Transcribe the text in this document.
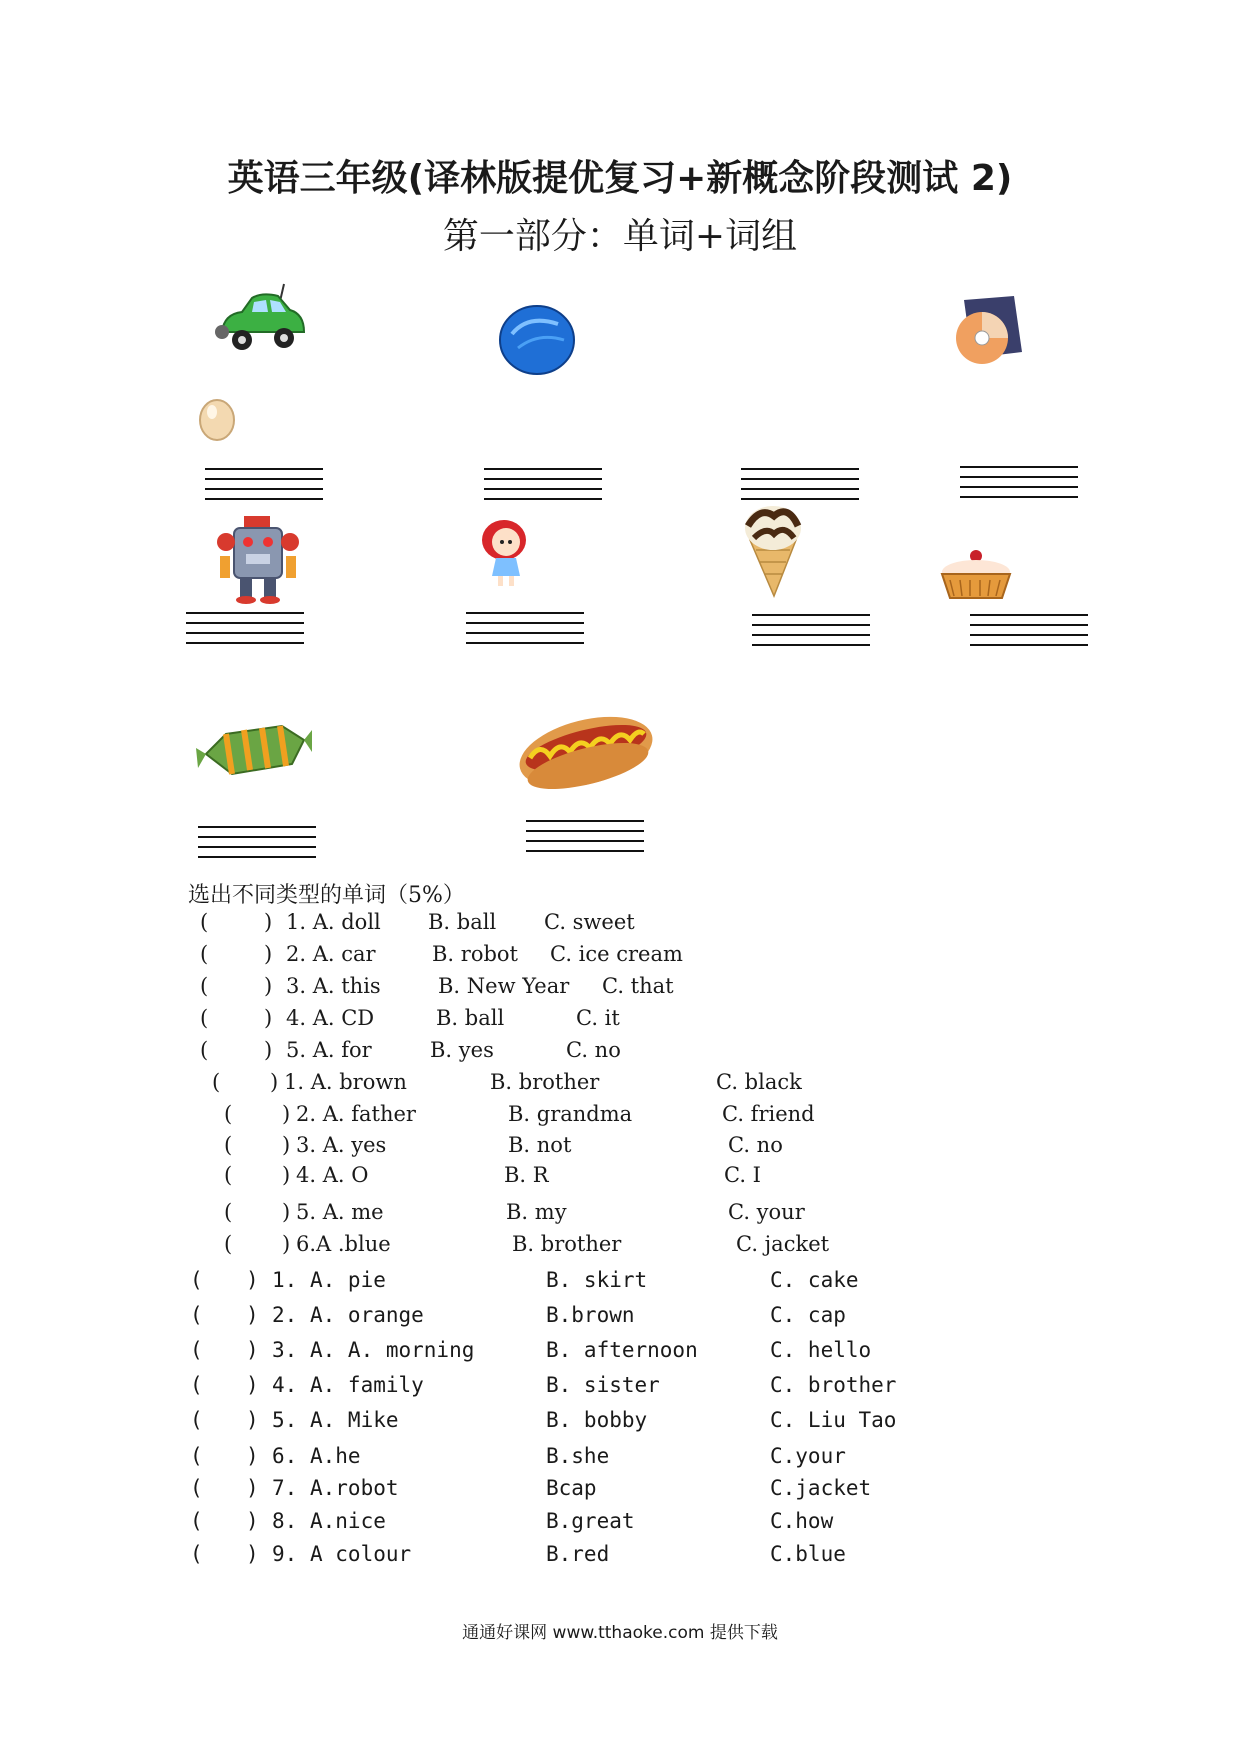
英语三年级(译林版提优复习+新概念阶段测试 2)
第一部分：单词+词组
选出不同类型的单词（5%）
(	) 1. A. doll B. ball C. sweet
(	) 2. A. car	B. robot C. ice cream
(	) 3. A. this	B. New Year C. that
(	) 4. A. CD	B. ball	C. it
(	) 5. A. for	B. yes	C. no
( ) 1. A. brown	B. brother	C. black
( ) 2. A. father	B. grandma	C. friend
( ) 3. A. yes	B. not	C. no
( ) 4. A. O	B. R	C. I
( ) 5. A. me	B. my	C. your
( ) 6.A .blue	B. brother	C. jacket
( ) 1. A. pie	B. skirt	C. cake
( ) 2. A. orange	B.brown	C. cap
( ) 3. A. A. morning	B. afternoon	C. hello
( ) 4. A. family	B. sister	C. brother
( ) 5. A. Mike	B. bobby	C. Liu Tao
( ) 6. A.he	B.she	C.your
( ) 7. A.robot	Bcap	C.jacket
( ) 8. A.nice	B.great	C.how
( ) 9. A colour	B.red	C.blue
通通好课网 www.tthaoke.com 提供下载
